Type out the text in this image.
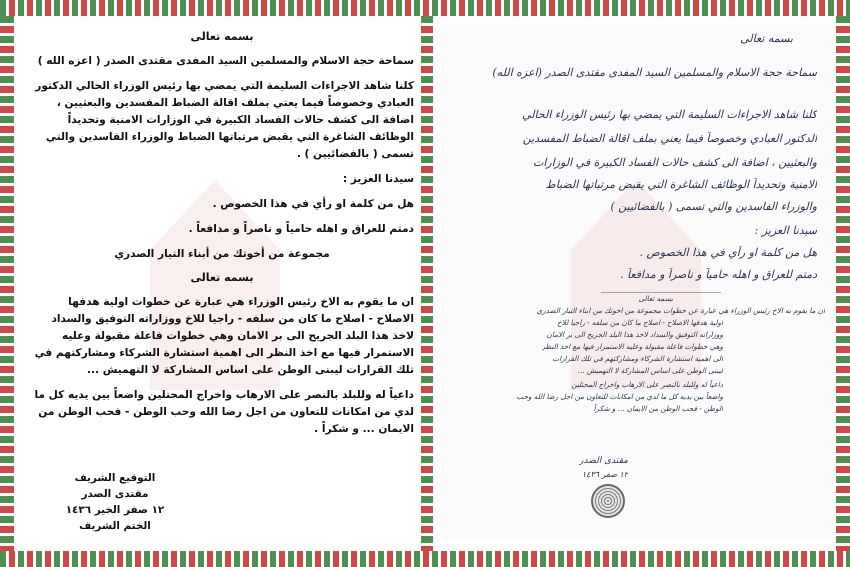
بسمه تعالى

سماحة حجة الاسلام والمسلمين السيد المفدى مقتدى الصدر ( اعزه الله )

كلنا شاهد الاجراءات السليمة التي يمضي بها رئيس الوزراء الحالي الدكتور العبادي وخصوصاً فيما يعني بملف اقالة الضباط المفسدين والبعثيين ، اضافة الى كشف حالات الفساد الكبيرة في الوزارات الامنية وتحديداً الوظائف الشاغرة التي يقبض مرتباتها الضباط والوزراء الفاسدين والتي تسمى ( بالفضائيين ) .

سيدنا العزيز :

هل من كلمة او رأي في هذا الخصوص .

دمتم للعراق و اهله حامياً و ناصراً و مدافعاً .

مجموعة من أخوتك من أبناء التيار الصدري

بسمه تعالى

ان ما يقوم به الاخ رئيس الوزراء هي عبارة عن خطوات اولية هدفها الاصلاح - اصلاح ما كان من سلفه - راجيا للاخ ووزاراته التوفيق والسداد لاخذ هذا البلد الجريح الى بر الامان وهي خطوات فاعلة مقبولة وعليه الاستمرار فيها مع اخذ النظر الى اهمية استشارة الشركاء ومشاركتهم في تلك القرارات ليبنى الوطن على اساس المشاركة لا التهميش ...

داعياً له وللبلد بالنصر على الارهاب واخراج المحتلين واضعاً بين يديه كل ما لدي من امكانات للتعاون من اجل رضا الله وحب الوطن - فحب الوطن من الايمان ... و شكراً .

التوقيع الشريف
مقتدى الصدر
١٢ صفر الخير ١٤٣٦
الختم الشريف
بسمه تعالى
سماحة حجة الاسلام والمسلمين السيد المفدى مقتدى الصدر (اعزه الله)
كلنا شاهد الاجراءات السليمة التي يمضي بها رئيس الوزراء الحالي
الدكتور العبادي وخصوصاً فيما يعني بملف اقالة الضباط المفسدين
والبعثيين ، اضافة الى كشف حالات الفساد الكبيرة في الوزارات
الامنية وتحديداً الوظائف الشاغرة التي يقبض مرتباتها الضباط
والوزراء الفاسدين والتي تسمى ( بالفضائيين )
سيدنا العزيز :
هل من كلمة او رأي في هذا الخصوص .
دمتم للعراق و اهله حامياً و ناصراً و مدافعاً .
بسمه تعالى
ان ما يقوم به الاخ رئيس الوزراء هي عبارة عن خطوات مجموعة من اخوتك من ابناء التيار الصدري
اولية هدفها الاصلاح - اصلاح ما كان من سلفه - راجيا للاخ
ووزاراته التوفيق والسداد لاخذ هذا البلد الجريح الى بر الامان
وهي خطوات فاعلة مقبولة وعليه الاستمرار فيها مع اخذ النظر
الى اهمية استشارة الشركاء ومشاركتهم في تلك القرارات
ليبنى الوطن على اساس المشاركة لا التهميش ...
داعياً له وللبلد بالنصر على الارهاب واخراج المحتلين
واضعاً بين يديه كل ما لدي من امكانات للتعاون من اجل رضا الله وحب
الوطن - فحب الوطن من الايمان ... و شكراً
مقتدى الصدر
١٢ صفر ١٤٣٦
